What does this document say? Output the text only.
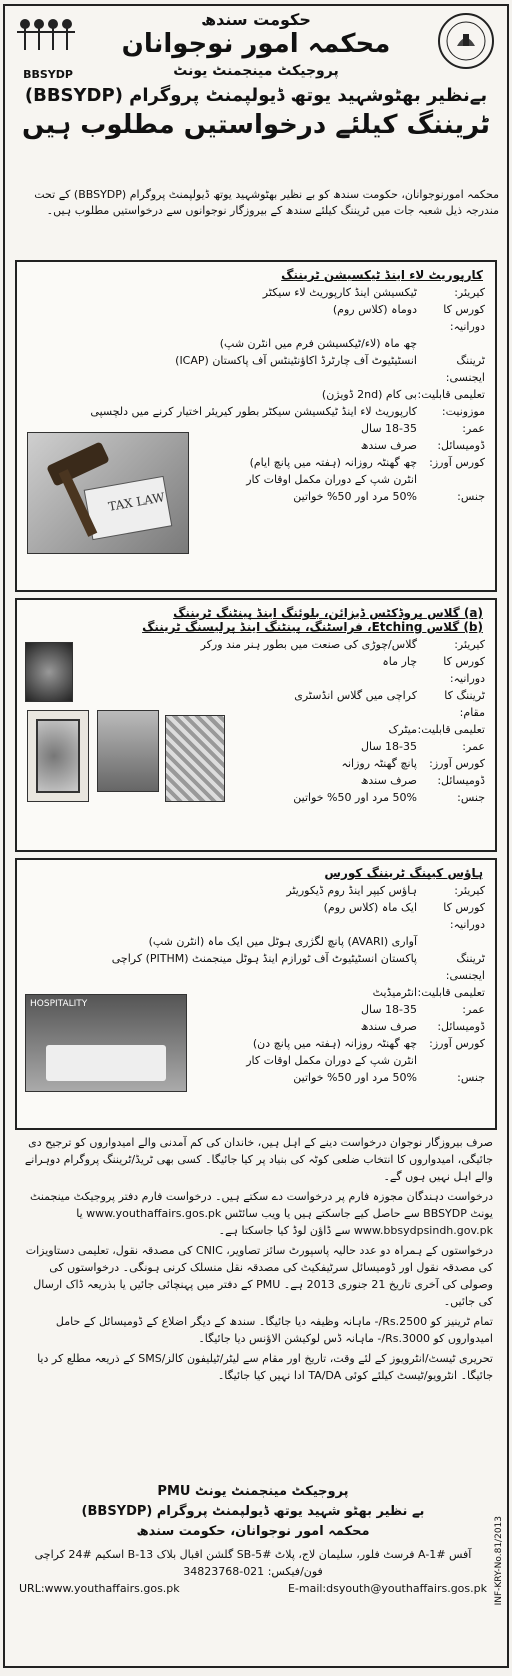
BBSYDP
حکومت سندھ
محکمہ امور نوجوانان
پروجیکٹ مینجمنٹ یونٹ
بےنظیر بھٹوشہید یوتھ ڈیولپمنٹ پروگرام (BBSYDP)
ٹریننگ کیلئے درخواستیں مطلوب ہیں
محکمہ امورنوجوانان، حکومت سندھ کو بے نظیر بھٹوشہید یوتھ ڈیولپمنٹ پروگرام (BBSYDP) کے تحت مندرجہ ذیل شعبہ جات میں ٹریننگ کیلئے سندھ کے بیروزگار نوجوانوں سے درخواستیں مطلوب ہیں۔
کارپوریٹ لاء اینڈ ٹیکسیشن ٹریننگ
کیریئر:
ٹیکسیشن اینڈ کارپوریٹ لاء سیکٹر
کورس کا دورانیہ:
دوماہ (کلاس روم)
چھ ماہ (لاء/ٹیکسیشن فرم میں انٹرن شپ)
ٹریننگ ایجنسی:
انسٹیٹیوٹ آف چارٹرڈ اکاؤنٹینٹس آف پاکستان (ICAP)
تعلیمی قابلیت:
بی کام (2nd ڈویژن)
موزونیت:
کارپوریٹ لاء اینڈ ٹیکسیشن سیکٹر بطور کیریئر اختیار کرنے میں دلچسپی
عمر:
18-35 سال
ڈومیسائل:
صرف سندھ
کورس آورز:
چھ گھنٹہ روزانہ (ہفتہ میں پانچ ایام)
انٹرن شپ کے دوران مکمل اوقات کار
جنس:
50% مرد اور 50% خواتین
TAX LAW
(a) گلاس پروڈکٹس ڈیزائن، بلوئنگ اینڈ پینٹنگ ٹریننگ
(b) گلاس Etching، فراسٹنگ، پینٹنگ اینڈ پرلیسنگ ٹریننگ
کیریئر:
گلاس/چوڑی کی صنعت میں بطور ہنر مند ورکر
کورس کا دورانیہ:
چار ماہ
ٹریننگ کا مقام:
کراچی میں گلاس انڈسٹری
تعلیمی قابلیت:
میٹرک
عمر:
18-35 سال
کورس آورز:
پانچ گھنٹہ روزانہ
ڈومیسائل:
صرف سندھ
جنس:
50% مرد اور 50% خواتین
ہاؤس کیپنگ ٹریننگ کورس
کیریئر:
ہاؤس کیپر اینڈ روم ڈیکوریٹر
کورس کا دورانیہ:
ایک ماہ (کلاس روم)
آواری (AVARI) پانچ لگژری ہوٹل میں ایک ماہ (انٹرن شپ)
ٹریننگ ایجنسی:
پاکستان انسٹیٹیوٹ آف ٹورازم اینڈ ہوٹل مینجمنٹ (PITHM) کراچی
تعلیمی قابلیت:
انٹرمیڈیٹ
عمر:
18-35 سال
ڈومیسائل:
صرف سندھ
کورس آورز:
چھ گھنٹہ روزانہ (ہفتہ میں پانچ دن)
انٹرن شپ کے دوران مکمل اوقات کار
جنس:
50% مرد اور 50% خواتین
HOSPITALITY
صرف بیروزگار نوجوان درخواست دینے کے اہل ہیں، خاندان کی کم آمدنی والے امیدواروں کو ترجیح دی جائیگی، امیدواروں کا انتخاب ضلعی کوٹہ کی بنیاد پر کیا جائیگا۔ کسی بھی ٹریڈ/ٹریننگ پروگرام دوہرانے والے اہل نہیں ہوں گے۔
درخواست دہندگان مجوزہ فارم پر درخواست دے سکتے ہیں۔ درخواست فارم دفتر پروجیکٹ مینجمنٹ یونٹ BBSYDP سے حاصل کیے جاسکتے ہیں یا ویب سائٹس www.youthaffairs.gos.pk یا www.bbsydpsindh.gov.pk سے ڈاؤن لوڈ کیا جاسکتا ہے۔
درخواستوں کے ہمراہ دو عدد حالیہ پاسپورٹ سائز تصاویر، CNIC کی مصدقہ نقول، تعلیمی دستاویزات کی مصدقہ نقول اور ڈومیسائل سرٹیفکیٹ کی مصدقہ نقل منسلک کرنی ہونگی۔ درخواستوں کی وصولی کی آخری تاریخ 21 جنوری 2013 ہے۔ PMU کے دفتر میں پہنچائی جائیں یا بذریعہ ڈاک ارسال کی جائیں۔
تمام ٹرینیز کو Rs.2500/- ماہانہ وظیفہ دیا جائیگا۔ سندھ کے دیگر اضلاع کے ڈومیسائل کے حامل امیدواروں کو Rs.3000/- ماہانہ ڈس لوکیشن الاؤنس دیا جائیگا۔
تحریری ٹیسٹ/انٹرویوز کے لئے وقت، تاریخ اور مقام سے لیٹر/ٹیلیفون کالز/SMS کے ذریعہ مطلع کر دیا جائیگا۔ انٹرویو/ٹیسٹ کیلئے کوئی TA/DA ادا نہیں کیا جائیگا۔
پروجیکٹ مینجمنٹ یونٹ PMU
بے نظیر بھٹو شہید یوتھ ڈیولپمنٹ پروگرام (BBSYDP)
محکمہ امور نوجوانان، حکومت سندھ
آفس #A-1 فرسٹ فلور، سلیمان لاج، پلاٹ #SB-5 گلشن اقبال بلاک 13-B اسکیم #24 کراچی
فون/فیکس: 021-34823768
URL:www.youthaffairs.gos.pk	E-mail:dsyouth@youthaffairs.gos.pk INF-KRY-No.81/2013
